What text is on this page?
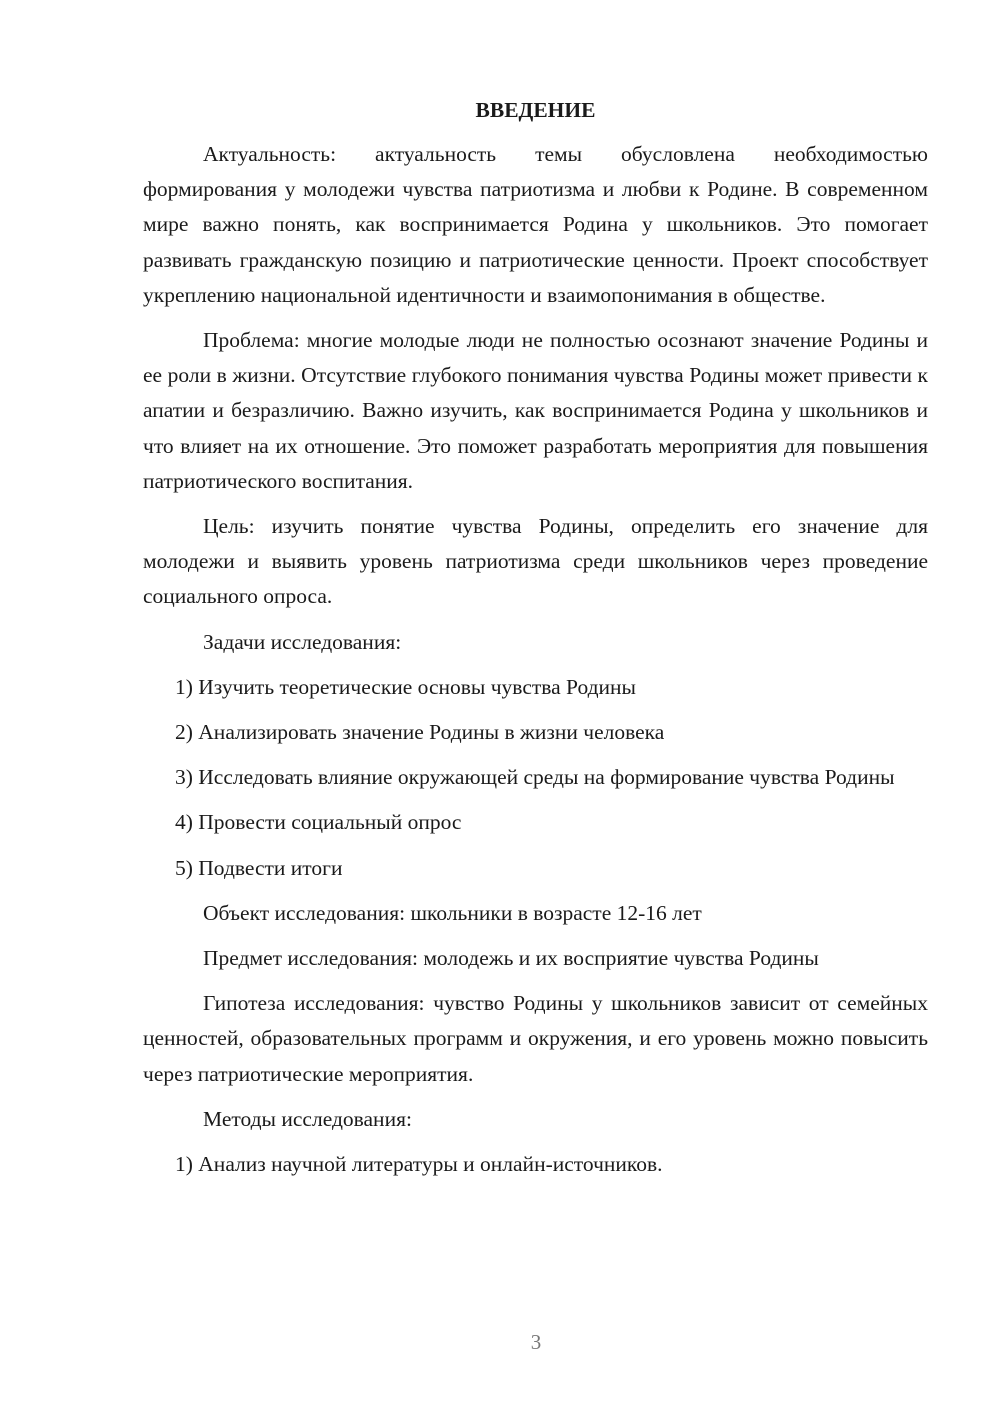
ВВЕДЕНИЕ

Актуальность: актуальность темы обусловлена необходимостью формирования у молодежи чувства патриотизма и любви к Родине. В современном мире важно понять, как воспринимается Родина у школьников. Это помогает развивать гражданскую позицию и патриотические ценности. Проект способствует укреплению национальной идентичности и взаимопонимания в обществе.

Проблема: многие молодые люди не полностью осознают значение Родины и ее роли в жизни. Отсутствие глубокого понимания чувства Родины может привести к апатии и безразличию. Важно изучить, как воспринимается Родина у школьников и что влияет на их отношение. Это поможет разработать мероприятия для повышения патриотического воспитания.

Цель: изучить понятие чувства Родины, определить его значение для молодежи и выявить уровень патриотизма среди школьников через проведение социального опроса.

Задачи исследования:

1) Изучить теоретические основы чувства Родины

2) Анализировать значение Родины в жизни человека

3) Исследовать влияние окружающей среды на формирование чувства Родины

4) Провести социальный опрос

5) Подвести итоги

Объект исследования: школьники в возрасте 12-16 лет

Предмет исследования: молодежь и их восприятие чувства Родины

Гипотеза исследования: чувство Родины у школьников зависит от семейных ценностей, образовательных программ и окружения, и его уровень можно повысить через патриотические мероприятия.

Методы исследования:

1) Анализ научной литературы и онлайн-источников.

3
